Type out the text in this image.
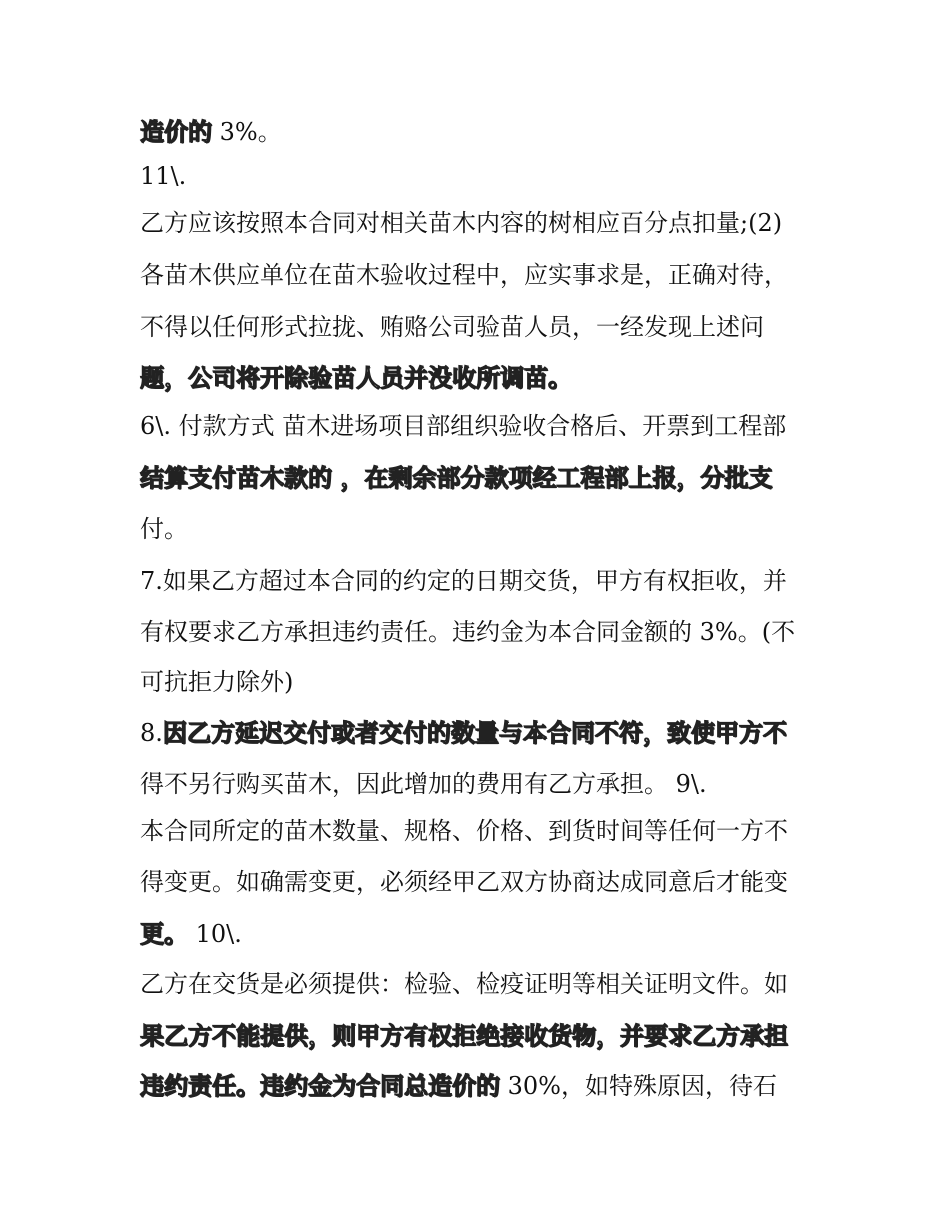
造价的 3%。
11\.
乙方应该按照本合同对相关苗木内容的树相应百分点扣量;(2)
各苗木供应单位在苗木验收过程中，应实事求是，正确对待，
不得以任何形式拉拢、贿赂公司验苗人员，一经发现上述问
题，公司将开除验苗人员并没收所调苗。
6\. 付款方式 苗木进场项目部组织验收合格后、开票到工程部
结算支付苗木款的 ，在剩余部分款项经工程部上报，分批支
付。
7.如果乙方超过本合同的约定的日期交货，甲方有权拒收，并
有权要求乙方承担违约责任。违约金为本合同金额的 3%。(不
可抗拒力除外)
8.因乙方延迟交付或者交付的数量与本合同不符，致使甲方不
得不另行购买苗木，因此增加的费用有乙方承担。 9\.
本合同所定的苗木数量、规格、价格、到货时间等任何一方不
得变更。如确需变更，必须经甲乙双方协商达成同意后才能变
更。 10\.
乙方在交货是必须提供：检验、检疫证明等相关证明文件。如
果乙方不能提供，则甲方有权拒绝接收货物，并要求乙方承担
违约责任。违约金为合同总造价的 30%，如特殊原因，待石
